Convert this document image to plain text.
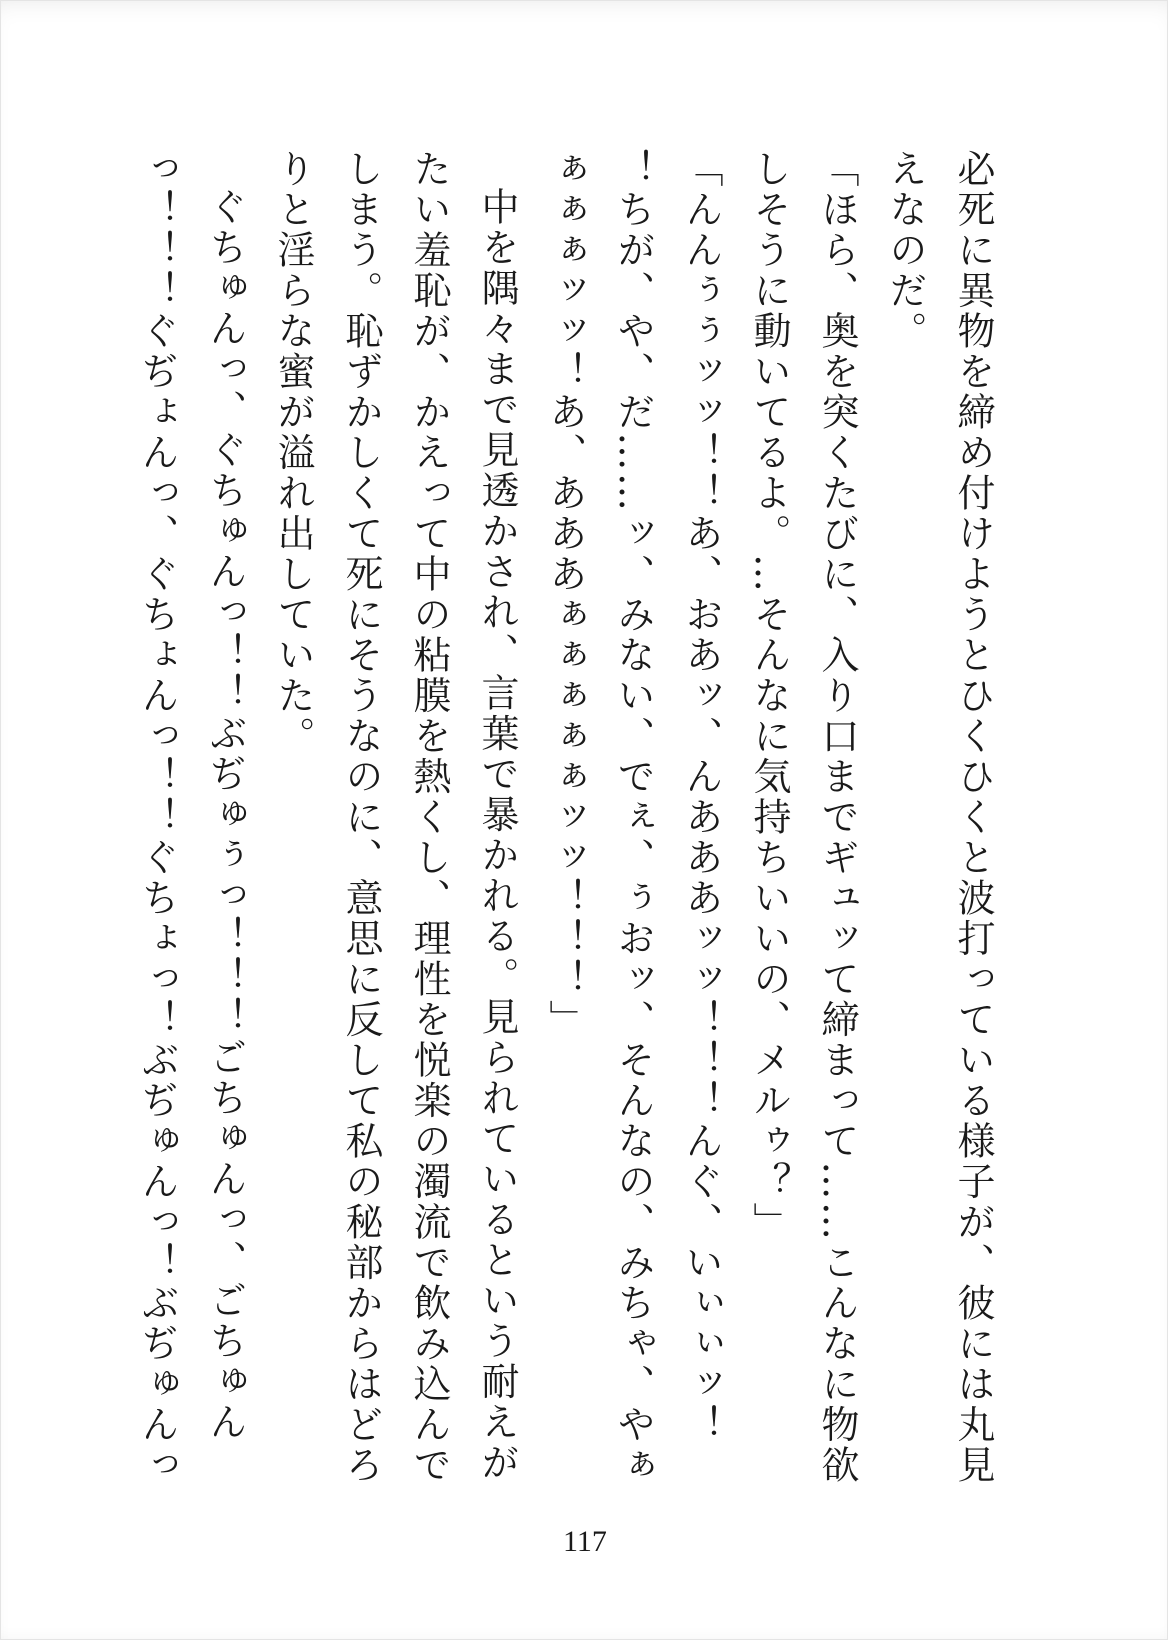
必死に異物を締め付けようとひくひくと波打っている様子が、彼には丸見
えなのだ。
「ほら、奥を突くたびに、入り口までギュッて締まって……こんなに物欲
しそうに動いてるよ。…そんなに気持ちいいの、メルゥ？」
「んんぅぅッッ！！あ、おあッ、んあああッッ！！！んぐ、いぃぃッ！
！ちが、や、だ……ッ、みない、でぇ、ぅおッ、そんなの、みちゃ、やぁ
ぁぁぁッッ！あ、あああぁぁぁぁぁッッ！！！」
中を隅々まで見透かされ、言葉で暴かれる。見られているという耐えが
たい羞恥が、かえって中の粘膜を熱くし、理性を悦楽の濁流で飲み込んで
しまう。恥ずかしくて死にそうなのに、意思に反して私の秘部からはどろ
りと淫らな蜜が溢れ出していた。
ぐちゅんっ、ぐちゅんっ！！ぶぢゅぅっ！！！ごちゅんっ、ごちゅん
っ！！！ぐぢょんっ、ぐちょんっ！！ぐちょっ！ぶぢゅんっ！ぶぢゅんっ
117
